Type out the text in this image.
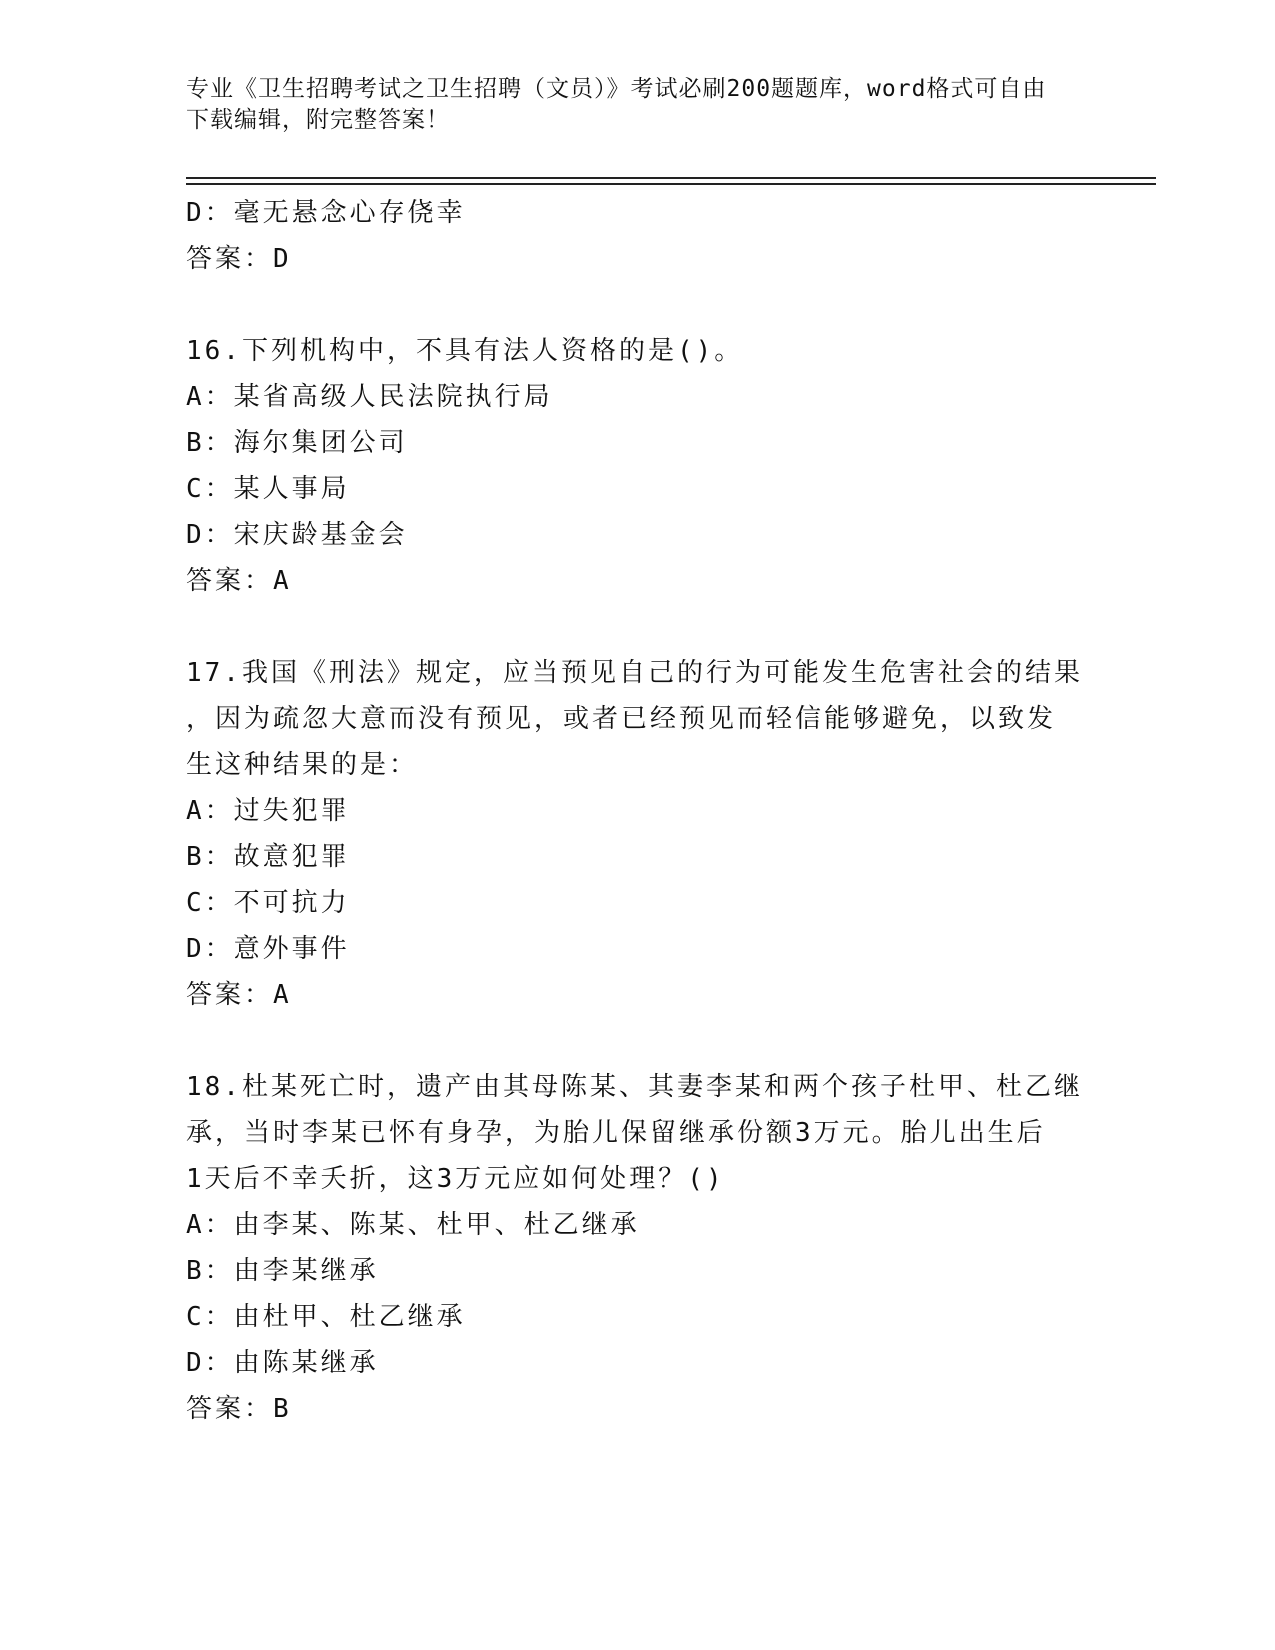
专业《卫生招聘考试之卫生招聘（文员）》考试必刷200题题库，word格式可自由下载编辑，附完整答案！
D：毫无悬念心存侥幸
答案：D
16.下列机构中，不具有法人资格的是()。
A：某省高级人民法院执行局
B：海尔集团公司
C：某人事局
D：宋庆龄基金会
答案：A
17.我国《刑法》规定，应当预见自己的行为可能发生危害社会的结果
，因为疏忽大意而没有预见，或者已经预见而轻信能够避免，以致发
生这种结果的是：
A：过失犯罪
B：故意犯罪
C：不可抗力
D：意外事件
答案：A
18.杜某死亡时，遗产由其母陈某、其妻李某和两个孩子杜甲、杜乙继
承，当时李某已怀有身孕，为胎儿保留继承份额3万元。胎儿出生后
1天后不幸夭折，这3万元应如何处理？()
A：由李某、陈某、杜甲、杜乙继承
B：由李某继承
C：由杜甲、杜乙继承
D：由陈某继承
答案：B
